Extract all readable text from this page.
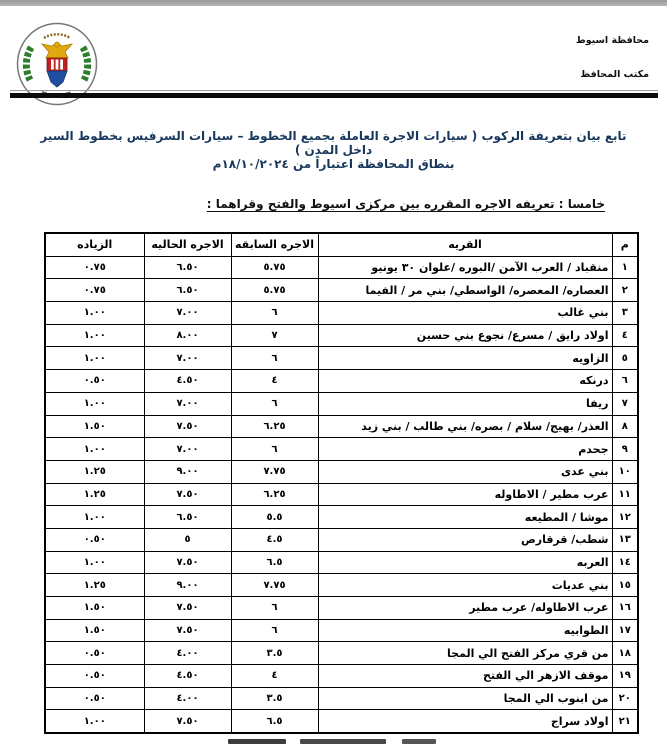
محافظة اسيوط
مكتب المحافظ
تابع بيان بتعريفة الركوب ( سيارات الاجرة العاملة بجميع الخطوط – سيارات السرفيس بخطوط السير داخل المدن )
بنطاق المحافظة اعتباراً من ١٨/١٠/٢٠٢٤م
خامسا : تعريفه الاجره المقرره بين مركزى اسيوط والفتح وقراهما :
م	القريه	الاجره السابقه	الاجره الحاليه	الزياده
١	منقباد / العرب الآمن /البوره /علوان ٣٠ يونيو	٥.٧٥	٦.٥٠	٠.٧٥
٢	العصاره/ المعصره/ الواسطي/ بني مر / الفيما	٥.٧٥	٦.٥٠	٠.٧٥
٣	بني غالب	٦	٧.٠٠	١.٠٠
٤	اولاد رايق / مسرع/ نجوع بني حسين	٧	٨.٠٠	١.٠٠
٥	الزاويه	٦	٧.٠٠	١.٠٠
٦	درنكه	٤	٤.٥٠	٠.٥٠
٧	ريفا	٦	٧.٠٠	١.٠٠
٨	العذر/ بهيج/ سلام / بصره/ بني طالب / بني زيد	٦.٢٥	٧.٥٠	١.٥٠
٩	جحدم	٦	٧.٠٠	١.٠٠
١٠	بني عدى	٧.٧٥	٩.٠٠	١.٢٥
١١	عرب مطير / الاطاوله	٦.٢٥	٧.٥٠	١.٢٥
١٢	موشا / المطيعه	٥.٥	٦.٥٠	١.٠٠
١٣	شطب/ قرقارص	٤.٥	٥	٠.٥٠
١٤	العربه	٦.٥	٧.٥٠	١.٠٠
١٥	بني عديات	٧.٧٥	٩.٠٠	١.٢٥
١٦	عرب الاطاوله/ عرب مطير	٦	٧.٥٠	١.٥٠
١٧	الطوابيه	٦	٧.٥٠	١.٥٠
١٨	من قري مركز الفتح الي المجا	٣.٥	٤.٠٠	٠.٥٠
١٩	موقف الازهر الي الفتح	٤	٤.٥٠	٠.٥٠
٢٠	من ابنوب الي المجا	٣.٥	٤.٠٠	٠.٥٠
٢١	اولاد سراج	٦.٥	٧.٥٠	١.٠٠
